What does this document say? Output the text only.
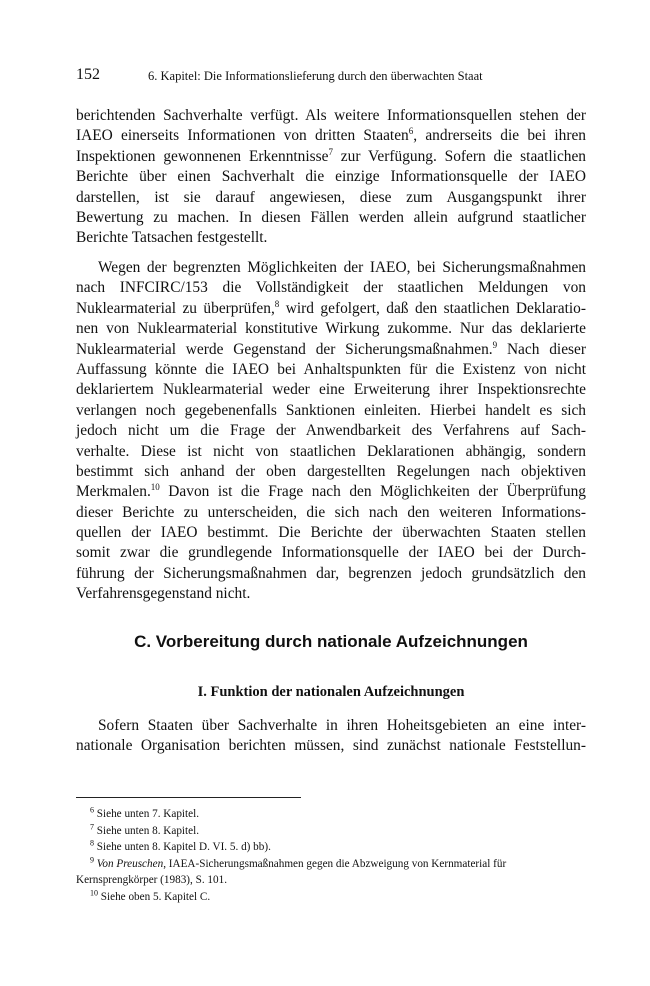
152	6. Kapitel: Die Informationslieferung durch den überwachten Staat
berichtenden Sachverhalte verfügt. Als weitere Informationsquellen stehen der
IAEO einerseits Informationen von dritten Staaten$^6$, andrerseits die bei ihren
Inspektionen gewonnenen Erkenntnisse$^7$ zur Verfügung. Sofern die staatlichen
Berichte über einen Sachverhalt die einzige Informationsquelle der IAEO
darstellen, ist sie darauf angewiesen, diese zum Ausgangspunkt ihrer
Bewertung zu machen. In diesen Fällen werden allein aufgrund staatlicher
Berichte Tatsachen festgestellt.
Wegen der begrenzten Möglichkeiten der IAEO, bei Sicherungsmaßnahmen
nach INFCIRC/153 die Vollständigkeit der staatlichen Meldungen von
Nuklearmaterial zu überprüfen,$^8$ wird gefolgert, daß den staatlichen Deklaratio-
nen von Nuklearmaterial konstitutive Wirkung zukomme. Nur das deklarierte
Nuklearmaterial werde Gegenstand der Sicherungsmaßnahmen.$^9$ Nach dieser
Auffassung könnte die IAEO bei Anhaltspunkten für die Existenz von nicht
deklariertem Nuklearmaterial weder eine Erweiterung ihrer Inspektionsrechte
verlangen noch gegebenenfalls Sanktionen einleiten. Hierbei handelt es sich
jedoch nicht um die Frage der Anwendbarkeit des Verfahrens auf Sach-
verhalte. Diese ist nicht von staatlichen Deklarationen abhängig, sondern
bestimmt sich anhand der oben dargestellten Regelungen nach objektiven
Merkmalen.$^{10}$ Davon ist die Frage nach den Möglichkeiten der Überprüfung
dieser Berichte zu unterscheiden, die sich nach den weiteren Informations-
quellen der IAEO bestimmt. Die Berichte der überwachten Staaten stellen
somit zwar die grundlegende Informationsquelle der IAEO bei der Durch-
führung der Sicherungsmaßnahmen dar, begrenzen jedoch grundsätzlich den
Verfahrensgegenstand nicht.
C. Vorbereitung durch nationale Aufzeichnungen
I. Funktion der nationalen Aufzeichnungen
Sofern Staaten über Sachverhalte in ihren Hoheitsgebieten an eine inter-
nationale Organisation berichten müssen, sind zunächst nationale Feststellun-
$^6$ Siehe unten 7. Kapitel.
$^7$ Siehe unten 8. Kapitel.
$^8$ Siehe unten 8. Kapitel D. VI. 5. d) bb).
$^9$ Von Preuschen, IAEA-Sicherungsmaßnahmen gegen die Abzweigung von Kernmaterial für
Kernsprengkörper (1983), S. 101.
$^{10}$ Siehe oben 5. Kapitel C.
